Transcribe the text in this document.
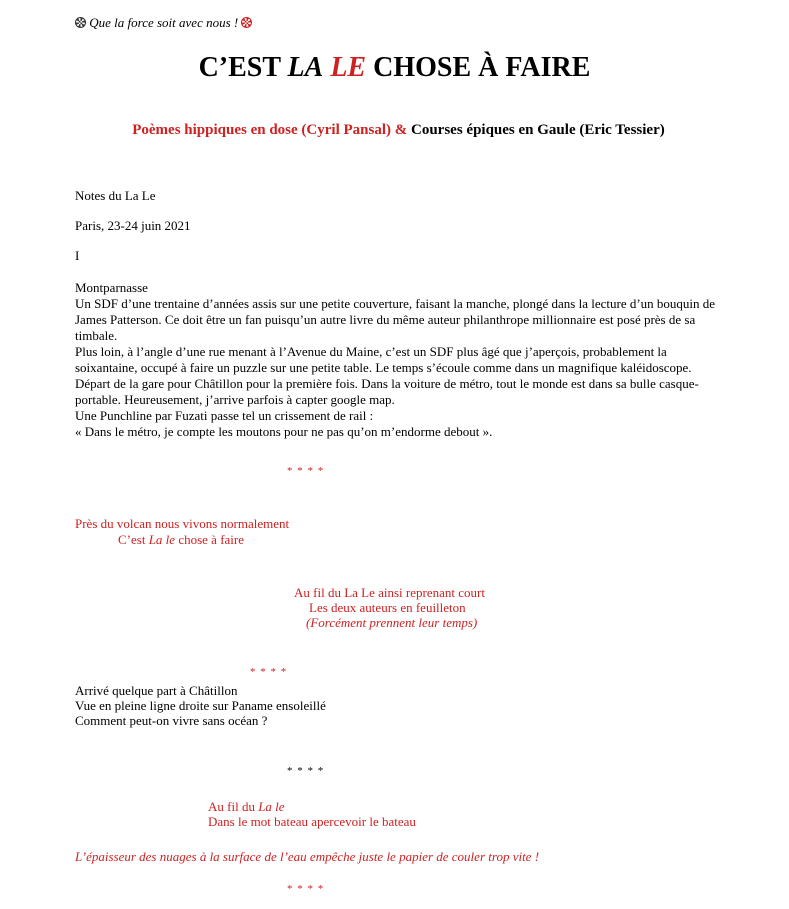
Que la force soit avec nous !
C’EST LA LE CHOSE À FAIRE
Poèmes hippiques en dose (Cyril Pansal) & Courses épiques en Gaule (Eric Tessier)
Notes du La Le
Paris, 23-24 juin 2021
I

Montparnasse

Un SDF d’une trentaine d’années assis sur une petite couverture, faisant la manche, plongé dans la lecture d’un bouquin de James Patterson. Ce doit être un fan puisqu’un autre livre du même auteur philanthrope millionnaire est posé près de sa timbale.

Plus loin, à l’angle d’une rue menant à l’Avenue du Maine, c’est un SDF plus âgé que j’aperçois, probablement la soixantaine, occupé à faire un puzzle sur une petite table. Le temps s’écoule comme dans un magnifique kaléidoscope.

Départ de la gare pour Châtillon pour la première fois. Dans la voiture de métro, tout le monde est dans sa bulle casque-portable. Heureusement, j’arrive parfois à capter google map.

Une Punchline par Fuzati passe tel un crissement de rail :

« Dans le métro, je compte les moutons pour ne pas qu’on m’endorme debout ».

* * * *
Près du volcan nous vivons normalement
C’est La le chose à faire
Au fil du La Le ainsi reprenant court
Les deux auteurs en feuilleton
(Forcément prennent leur temps)
* * * *
Arrivé quelque part à Châtillon
Vue en pleine ligne droite sur Paname ensoleillé
Comment peut-on vivre sans océan ?
* * * *
Au fil du La le
Dans le mot bateau apercevoir le bateau
L’épaisseur des nuages à la surface de l’eau empêche juste le papier de couler trop vite !
* * * *
